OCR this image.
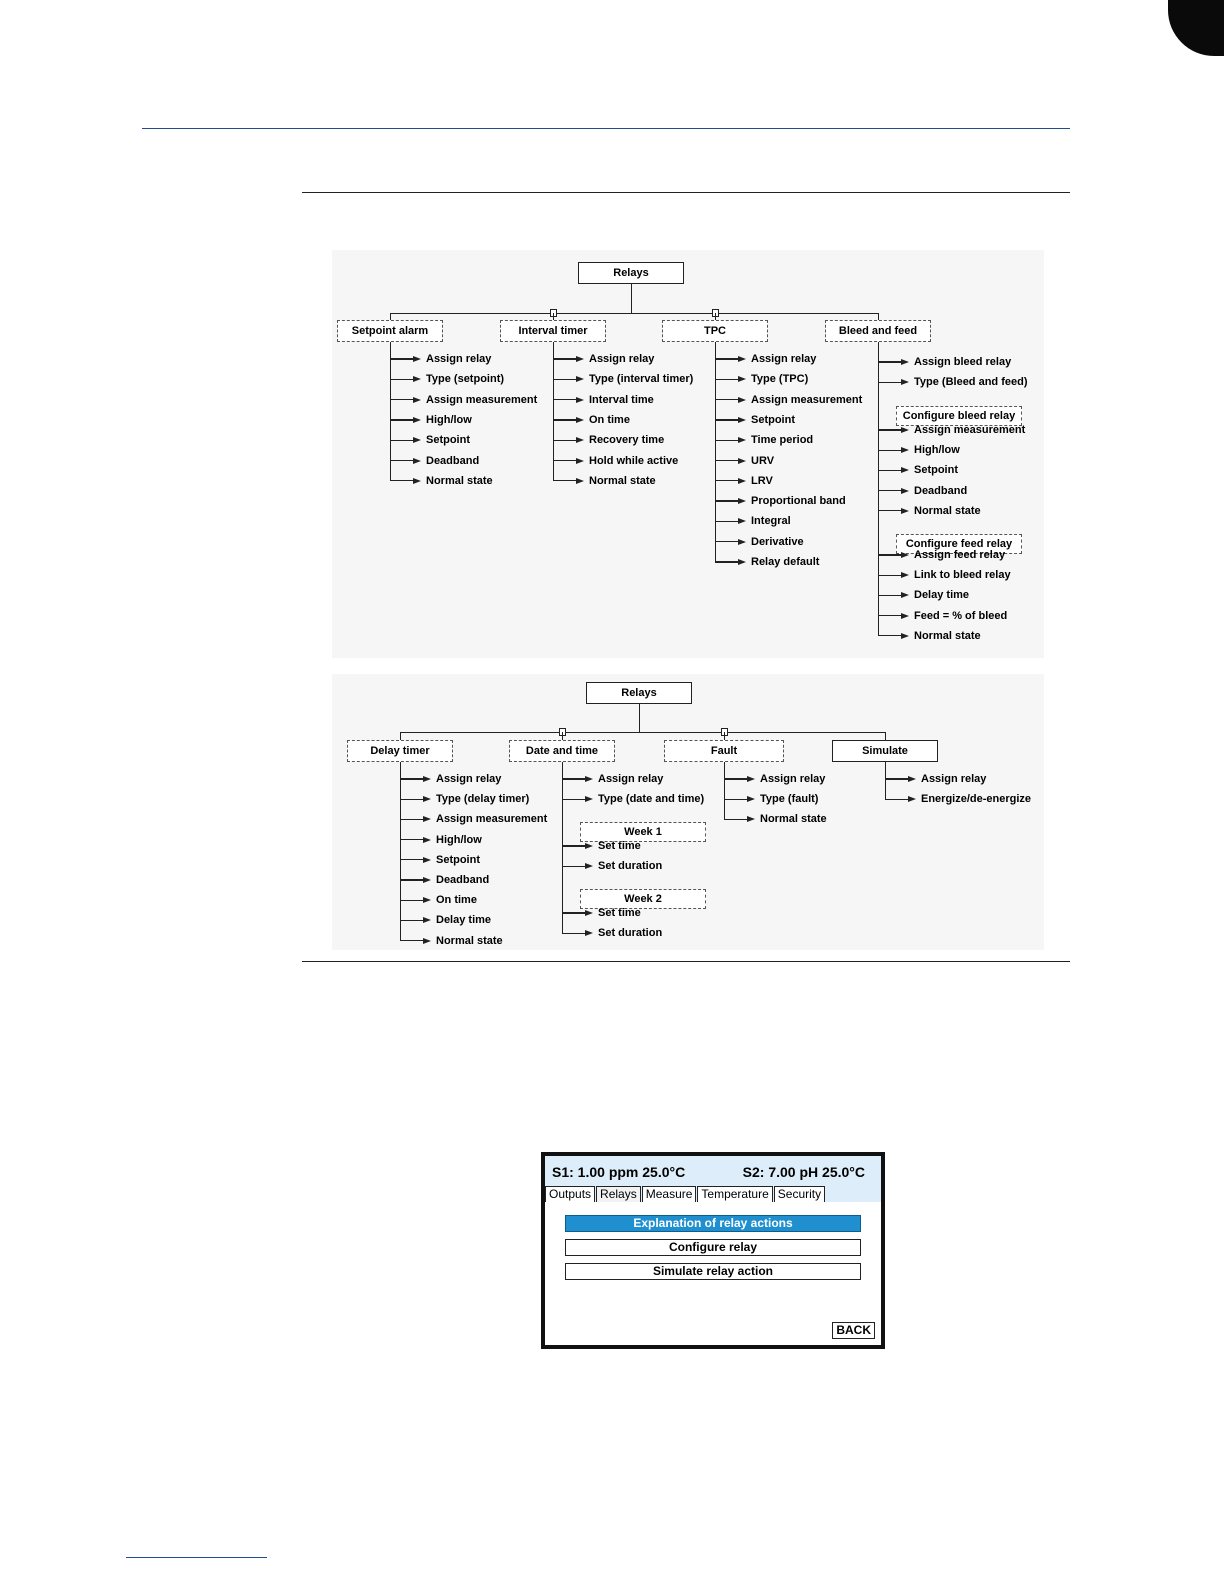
S1: 1.00 ppm 25.0°C	S2: 7.00 pH 25.0°C
Outputs Relays Measure Temperature Security
Explanation of relay actions
Configure relay
Simulate relay action
BACK
Relays
Setpoint alarm
Assign relay
Type (setpoint)
Assign measurement
High/low
Setpoint
Deadband
Normal state
Interval timer
Assign relay
Type (interval timer)
Interval time
On time
Recovery time
Hold while active
Normal state
TPC
Assign relay
Type (TPC)
Assign measurement
Setpoint
Time period
URV
LRV
Proportional band
Integral
Derivative
Relay default
Bleed and feed
Configure bleed relay
Configure feed relay
Assign bleed relay
Type (Bleed and feed)
Assign measurement
High/low
Setpoint
Deadband
Normal state
Assign feed relay
Link to bleed relay
Delay time
Feed = % of bleed
Normal state
Relays
Delay timer
Assign relay
Type (delay timer)
Assign measurement
High/low
Setpoint
Deadband
On time
Delay time
Normal state
Date and time
Week 1
Week 2
Assign relay
Type (date and time)
Set time
Set duration
Set time
Set duration
Fault
Assign relay
Type (fault)
Normal state
Simulate
Assign relay
Energize/de-energize
